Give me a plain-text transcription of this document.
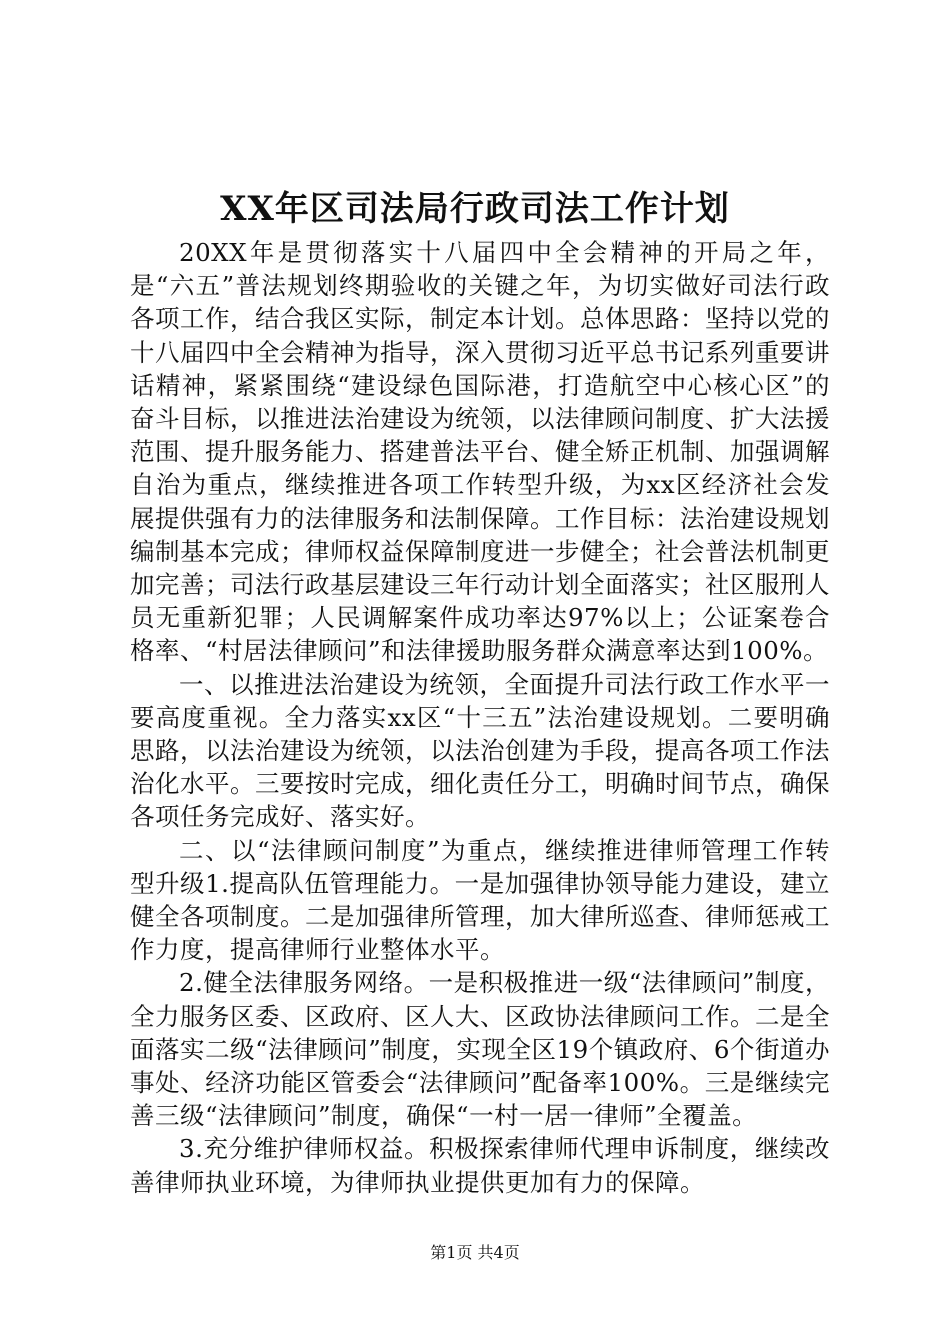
XX年区司法局行政司法工作计划

20XX年是贯彻落实十八届四中全会精神的开局之年，是“六五”普法规划终期验收的关键之年，为切实做好司法行政各项工作，结合我区实际，制定本计划。总体思路：坚持以党的十八届四中全会精神为指导，深入贯彻习近平总书记系列重要讲话精神，紧紧围绕“建设绿色国际港，打造航空中心核心区”的奋斗目标，以推进法治建设为统领，以法律顾问制度、扩大法援范围、提升服务能力、搭建普法平台、健全矫正机制、加强调解自治为重点，继续推进各项工作转型升级，为xx区经济社会发展提供强有力的法律服务和法制保障。工作目标：法治建设规划编制基本完成；律师权益保障制度进一步健全；社会普法机制更加完善；司法行政基层建设三年行动计划全面落实；社区服刑人员无重新犯罪；人民调解案件成功率达97%以上；公证案卷合格率、“村居法律顾问”和法律援助服务群众满意率达到100%。

一、以推进法治建设为统领，全面提升司法行政工作水平一要高度重视。全力落实xx区“十三五”法治建设规划。二要明确思路，以法治建设为统领，以法治创建为手段，提高各项工作法治化水平。三要按时完成，细化责任分工，明确时间节点，确保各项任务完成好、落实好。

二、以“法律顾问制度”为重点，继续推进律师管理工作转型升级1.提高队伍管理能力。一是加强律协领导能力建设，建立健全各项制度。二是加强律所管理，加大律所巡查、律师惩戒工作力度，提高律师行业整体水平。

2.健全法律服务网络。一是积极推进一级“法律顾问”制度，全力服务区委、区政府、区人大、区政协法律顾问工作。二是全面落实二级“法律顾问”制度，实现全区19个镇政府、6个街道办事处、经济功能区管委会“法律顾问”配备率100%。三是继续完善三级“法律顾问”制度，确保“一村一居一律师”全覆盖。

3.充分维护律师权益。积极探索律师代理申诉制度，继续改善律师执业环境，为律师执业提供更加有力的保障。

第1页 共4页
